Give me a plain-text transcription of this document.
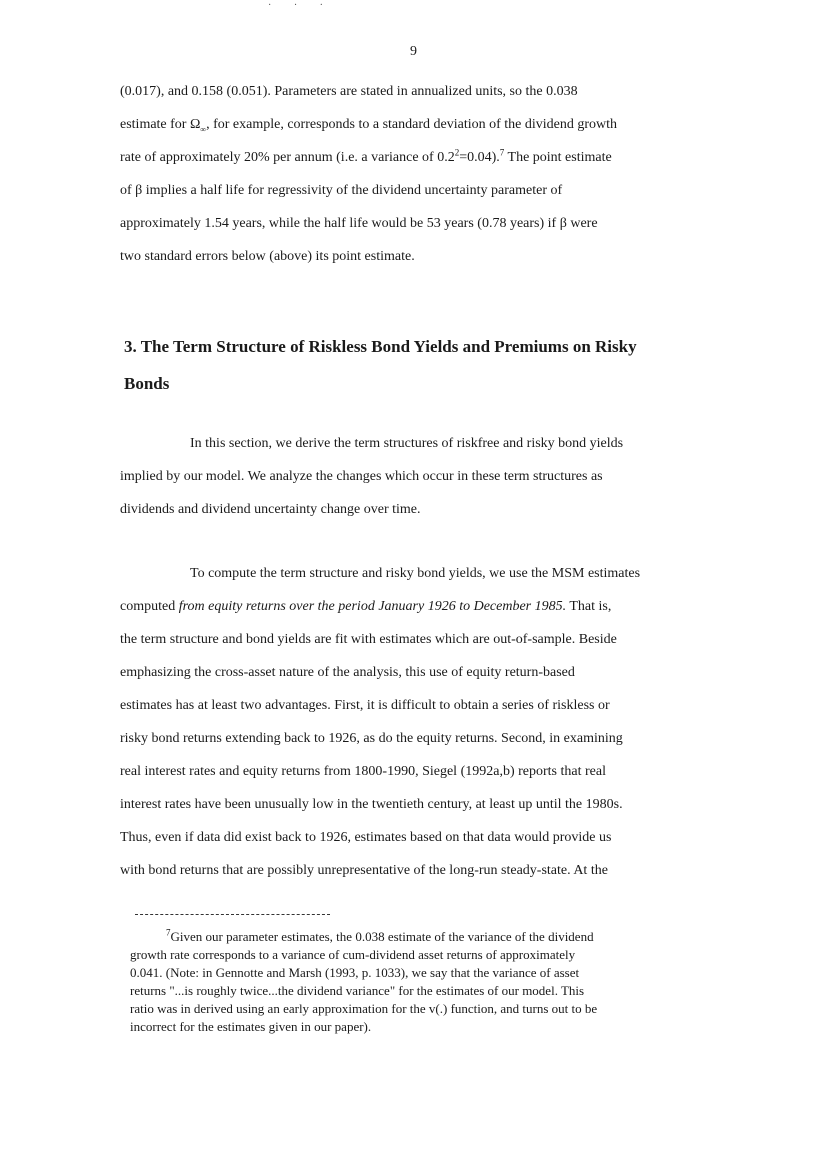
· · ·
9
(0.017), and 0.158 (0.051). Parameters are stated in annualized units, so the 0.038
estimate for $\Omega_\infty$, for example, corresponds to a standard deviation of the dividend growth
rate of approximately 20% per annum (i.e. a variance of $0.2^2=0.04).^7$ The point estimate
of β implies a half life for regressivity of the dividend uncertainty parameter of
approximately 1.54 years, while the half life would be 53 years (0.78 years) if β were
two standard errors below (above) its point estimate.
3. The Term Structure of Riskless Bond Yields and Premiums on Risky
Bonds
In this section, we derive the term structures of riskfree and risky bond yields
implied by our model. We analyze the changes which occur in these term structures as
dividends and dividend uncertainty change over time.
To compute the term structure and risky bond yields, we use the MSM estimates
computed from equity returns over the period January 1926 to December 1985. That is,
the term structure and bond yields are fit with estimates which are out-of-sample. Beside
emphasizing the cross-asset nature of the analysis, this use of equity return-based
estimates has at least two advantages. First, it is difficult to obtain a series of riskless or
risky bond returns extending back to 1926, as do the equity returns. Second, in examining
real interest rates and equity returns from 1800-1990, Siegel (1992a,b) reports that real
interest rates have been unusually low in the twentieth century, at least up until the 1980s.
Thus, even if data did exist back to 1926, estimates based on that data would provide us
with bond returns that are possibly unrepresentative of the long-run steady-state. At the
$^7$Given our parameter estimates, the 0.038 estimate of the variance of the dividend
growth rate corresponds to a variance of cum-dividend asset returns of approximately
0.041. (Note: in Gennotte and Marsh (1993, p. 1033), we say that the variance of asset
returns "...is roughly twice...the dividend variance" for the estimates of our model. This
ratio was in derived using an early approximation for the v(.) function, and turns out to be
incorrect for the estimates given in our paper).
